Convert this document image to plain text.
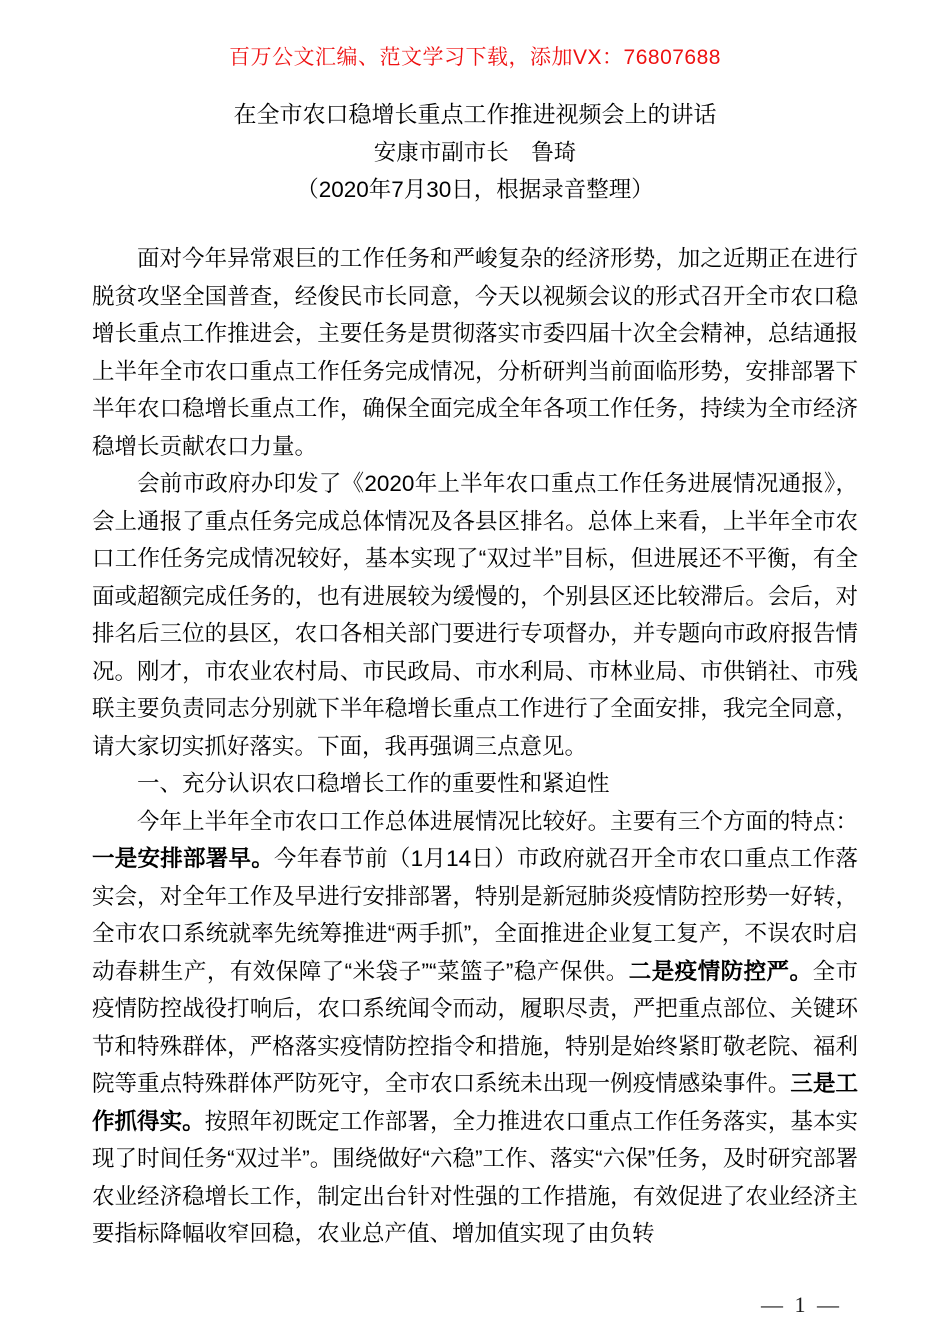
百万公文汇编、范文学习下载，添加VX：76807688
在全市农口稳增长重点工作推进视频会上的讲话
安康市副市长　鲁琦
（2020年7月30日，根据录音整理）

面对今年异常艰巨的工作任务和严峻复杂的经济形势，加之近期正在进行脱贫攻坚全国普查，经俊民市长同意，今天以视频会议的形式召开全市农口稳增长重点工作推进会，主要任务是贯彻落实市委四届十次全会精神，总结通报上半年全市农口重点工作任务完成情况，分析研判当前面临形势，安排部署下半年农口稳增长重点工作，确保全面完成全年各项工作任务，持续为全市经济稳增长贡献农口力量。

会前市政府办印发了《2020年上半年农口重点工作任务进展情况通报》，会上通报了重点任务完成总体情况及各县区排名。总体上来看，上半年全市农口工作任务完成情况较好，基本实现了“双过半”目标，但进展还不平衡，有全面或超额完成任务的，也有进展较为缓慢的，个别县区还比较滞后。会后，对排名后三位的县区，农口各相关部门要进行专项督办，并专题向市政府报告情况。刚才，市农业农村局、市民政局、市水利局、市林业局、市供销社、市残联主要负责同志分别就下半年稳增长重点工作进行了全面安排，我完全同意，请大家切实抓好落实。下面，我再强调三点意见。

一、充分认识农口稳增长工作的重要性和紧迫性

今年上半年全市农口工作总体进展情况比较好。主要有三个方面的特点：一是安排部署早。今年春节前（1月14日）市政府就召开全市农口重点工作落实会，对全年工作及早进行安排部署，特别是新冠肺炎疫情防控形势一好转，全市农口系统就率先统筹推进“两手抓”，全面推进企业复工复产，不误农时启动春耕生产，有效保障了“米袋子”“菜篮子”稳产保供。二是疫情防控严。全市疫情防控战役打响后，农口系统闻令而动，履职尽责，严把重点部位、关键环节和特殊群体，严格落实疫情防控指令和措施，特别是始终紧盯敬老院、福利院等重点特殊群体严防死守，全市农口系统未出现一例疫情感染事件。三是工作抓得实。按照年初既定工作部署，全力推进农口重点工作任务落实，基本实现了时间任务“双过半”。围绕做好“六稳”工作、落实“六保”任务，及时研究部署农业经济稳增长工作，制定出台针对性强的工作措施，有效促进了农业经济主要指标降幅收窄回稳，农业总产值、增加值实现了由负转

— 1 —
